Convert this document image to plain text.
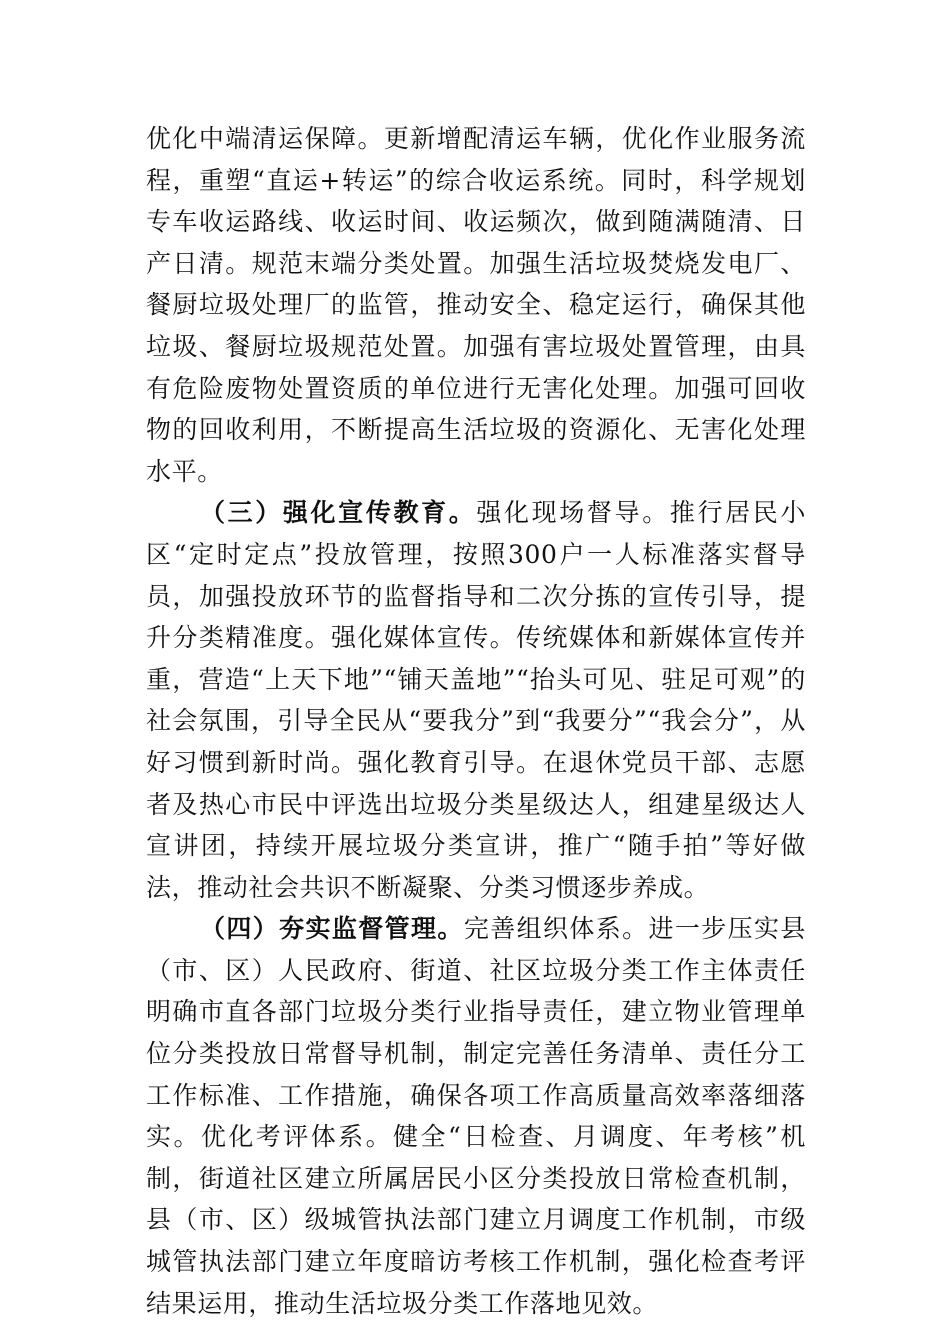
优化中端清运保障。更新增配清运车辆，优化作业服务流程，重塑“直运+转运”的综合收运系统。同时，科学规划专车收运路线、收运时间、收运频次，做到随满随清、日产日清。规范末端分类处置。加强生活垃圾焚烧发电厂、餐厨垃圾处理厂的监管，推动安全、稳定运行，确保其他垃圾、餐厨垃圾规范处置。加强有害垃圾处置管理，由具有危险废物处置资质的单位进行无害化处理。加强可回收物的回收利用，不断提高生活垃圾的资源化、无害化处理水平。

（三）强化宣传教育。强化现场督导。推行居民小区“定时定点”投放管理，按照300户一人标准落实督导员，加强投放环节的监督指导和二次分拣的宣传引导，提升分类精准度。强化媒体宣传。传统媒体和新媒体宣传并重，营造“上天下地”“铺天盖地”“抬头可见、驻足可观”的社会氛围，引导全民从“要我分”到“我要分”“我会分”，从好习惯到新时尚。强化教育引导。在退休党员干部、志愿者及热心市民中评选出垃圾分类星级达人，组建星级达人宣讲团，持续开展垃圾分类宣讲，推广“随手拍”等好做法，推动社会共识不断凝聚、分类习惯逐步养成。

（四）夯实监督管理。完善组织体系。进一步压实县（市、区）人民政府、街道、社区垃圾分类工作主体责任明确市直各部门垃圾分类行业指导责任，建立物业管理单位分类投放日常督导机制，制定完善任务清单、责任分工工作标准、工作措施，确保各项工作高质量高效率落细落实。优化考评体系。健全“日检查、月调度、年考核”机制，街道社区建立所属居民小区分类投放日常检查机制，县（市、区）级城管执法部门建立月调度工作机制，市级城管执法部门建立年度暗访考核工作机制，强化检查考评结果运用，推动生活垃圾分类工作落地见效。
